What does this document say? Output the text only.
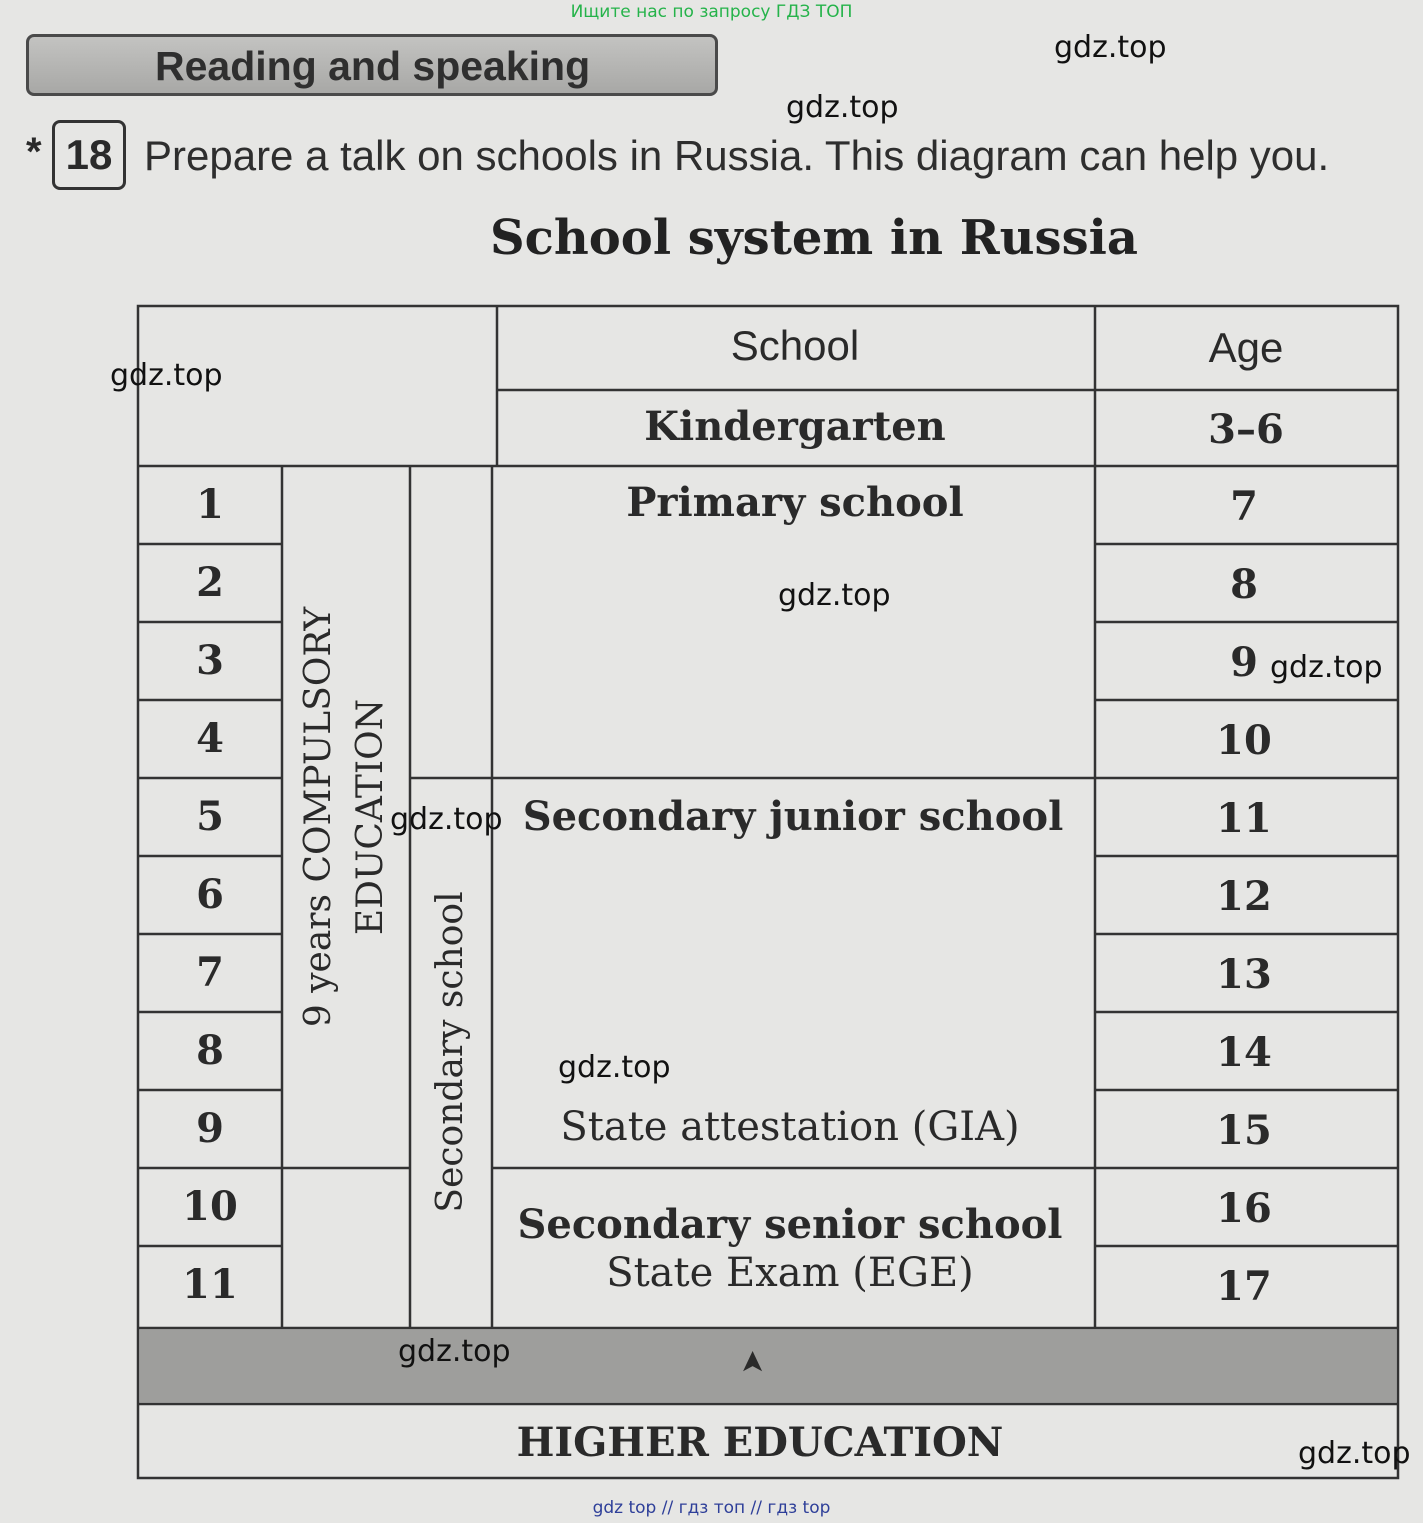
Ищите нас по запросу ГДЗ ТОП
Reading and speaking
* 18 Prepare a talk on schools in Russia. This diagram can help you.
School system in Russia
1
2
3
4
5
6
7
8
9
10
11
7
8
9
10
11
12
13
14
15
16
17
School	Age
Kindergarten	3–6
Primary school
Secondary junior school
State attestation (GIA)
Secondary senior school
State Exam (EGE)
9 years COMPULSORY EDUCATION
Secondary school
➤
HIGHER EDUCATION
gdz.top
gdz.top
gdz.top
gdz.top
gdz.top
gdz.top
gdz.top
gdz.top
gdz.top
gdz top // гдз топ // гдз top
